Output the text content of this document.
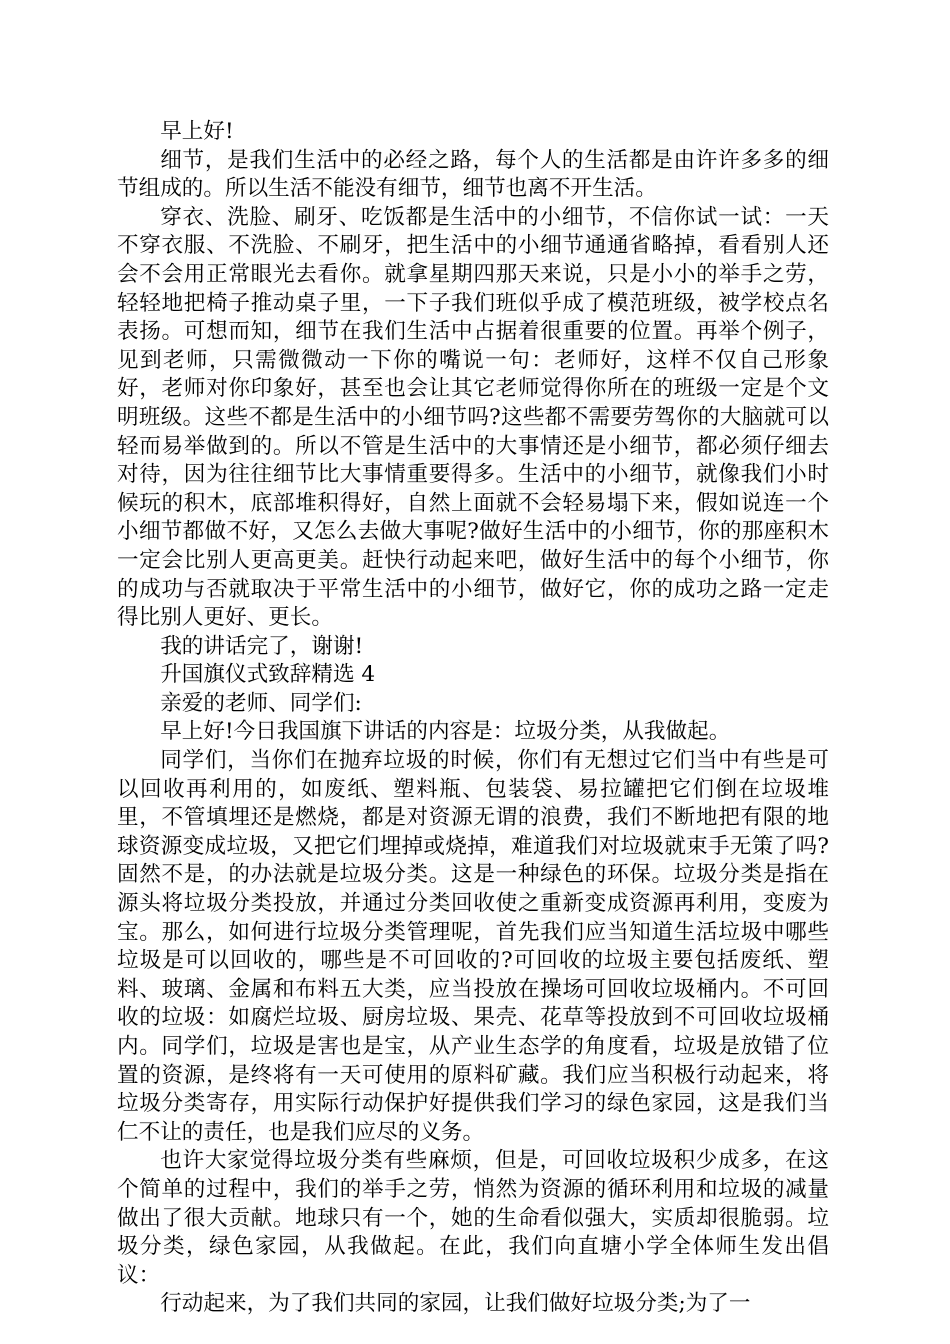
早上好!

细节，是我们生活中的必经之路，每个人的生活都是由许许多多的细节组成的。所以生活不能没有细节，细节也离不开生活。

穿衣、洗脸、刷牙、吃饭都是生活中的小细节，不信你试一试：一天不穿衣服、不洗脸、不刷牙，把生活中的小细节通通省略掉，看看别人还会不会用正常眼光去看你。就拿星期四那天来说，只是小小的举手之劳，轻轻地把椅子推动桌子里，一下子我们班似乎成了模范班级，被学校点名表扬。可想而知，细节在我们生活中占据着很重要的位置。再举个例子，见到老师，只需微微动一下你的嘴说一句：老师好，这样不仅自己形象好，老师对你印象好，甚至也会让其它老师觉得你所在的班级一定是个文明班级。这些不都是生活中的小细节吗?这些都不需要劳驾你的大脑就可以轻而易举做到的。所以不管是生活中的大事情还是小细节，都必须仔细去对待，因为往往细节比大事情重要得多。生活中的小细节，就像我们小时候玩的积木，底部堆积得好，自然上面就不会轻易塌下来，假如说连一个小细节都做不好，又怎么去做大事呢?做好生活中的小细节，你的那座积木一定会比别人更高更美。赶快行动起来吧，做好生活中的每个小细节，你的成功与否就取决于平常生活中的小细节，做好它，你的成功之路一定走得比别人更好、更长。

我的讲话完了，谢谢!

升国旗仪式致辞精选 4

亲爱的老师、同学们:

早上好!今日我国旗下讲话的内容是：垃圾分类，从我做起。

同学们，当你们在抛弃垃圾的时候，你们有无想过它们当中有些是可以回收再利用的，如废纸、塑料瓶、包装袋、易拉罐把它们倒在垃圾堆里，不管填埋还是燃烧，都是对资源无谓的浪费，我们不断地把有限的地球资源变成垃圾，又把它们埋掉或烧掉，难道我们对垃圾就束手无策了吗?固然不是，的办法就是垃圾分类。这是一种绿色的环保。垃圾分类是指在源头将垃圾分类投放，并通过分类回收使之重新变成资源再利用，变废为宝。那么，如何进行垃圾分类管理呢，首先我们应当知道生活垃圾中哪些垃圾是可以回收的，哪些是不可回收的?可回收的垃圾主要包括废纸、塑料、玻璃、金属和布料五大类，应当投放在操场可回收垃圾桶内。不可回收的垃圾：如腐烂垃圾、厨房垃圾、果壳、花草等投放到不可回收垃圾桶内。同学们，垃圾是害也是宝，从产业生态学的角度看，垃圾是放错了位置的资源，是终将有一天可使用的原料矿藏。我们应当积极行动起来，将垃圾分类寄存，用实际行动保护好提供我们学习的绿色家园，这是我们当仁不让的责任，也是我们应尽的义务。

也许大家觉得垃圾分类有些麻烦，但是，可回收垃圾积少成多，在这个简单的过程中，我们的举手之劳，悄然为资源的循环利用和垃圾的减量做出了很大贡献。地球只有一个，她的生命看似强大，实质却很脆弱。垃圾分类，绿色家园，从我做起。在此，我们向直塘小学全体师生发出倡议：

行动起来，为了我们共同的家园，让我们做好垃圾分类;为了一
